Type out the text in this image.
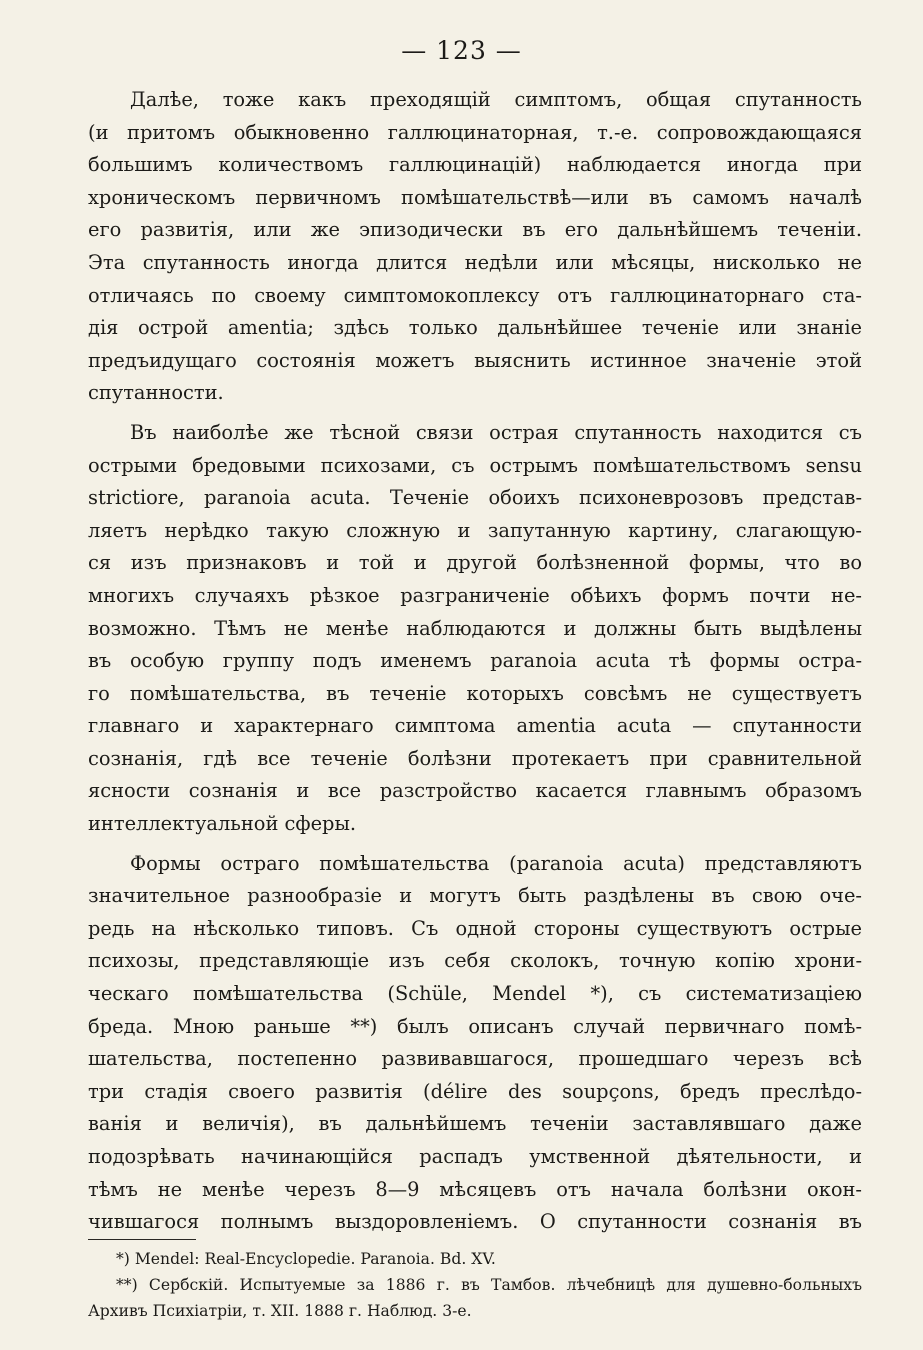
— 123 —
Далѣе, тоже какъ преходящій симптомъ, общая спутанность
(и притомъ обыкновенно галлюцинаторная, т.-е. сопровождающаяся
большимъ количествомъ галлюцинацій) наблюдается иногда при
хроническомъ первичномъ помѣшательствѣ—или въ самомъ началѣ
его развитія, или же эпизодически въ его дальнѣйшемъ теченіи.
Эта спутанность иногда длится недѣли или мѣсяцы, нисколько не
отличаясь по своему симптомокоплексу отъ галлюцинаторнаго ста-
дія острой amentia; здѣсь только дальнѣйшее теченіе или знаніе
предъидущаго состоянія можетъ выяснить истинное значеніе этой
спутанности.
Въ наиболѣе же тѣсной связи острая спутанность находится съ
острыми бредовыми психозами, съ острымъ помѣшательствомъ sensu
strictiore, paranoia acuta. Теченіе обоихъ психоневрозовъ представ-
ляетъ нерѣдко такую сложную и запутанную картину, слагающую-
ся изъ признаковъ и той и другой болѣзненной формы, что во
многихъ случаяхъ рѣзкое разграниченіе обѣихъ формъ почти не-
возможно. Тѣмъ не менѣе наблюдаются и должны быть выдѣлены
въ особую группу подъ именемъ paranoia acuta тѣ формы остра-
го помѣшательства, въ теченіе которыхъ совсѣмъ не существуетъ
главнаго и характернаго симптома amentia acuta — спутанности
сознанія, гдѣ все теченіе болѣзни протекаетъ при сравнительной
ясности сознанія и все разстройство касается главнымъ образомъ
интеллектуальной сферы.
Формы остраго помѣшательства (paranoia acuta) представляютъ
значительное разнообразіе и могутъ быть раздѣлены въ свою оче-
редь на нѣсколько типовъ. Съ одной стороны существуютъ острые
психозы, представляющіе изъ себя сколокъ, точную копію хрони-
ческаго помѣшательства (Schüle, Mendel *), съ систематизаціею
бреда. Мною раньше **) былъ описанъ случай первичнаго помѣ-
шательства, постепенно развивавшагося, прошедшаго черезъ всѣ
три стадія своего развитія (délire des soupçons, бредъ преслѣдо-
ванія и величія), въ дальнѣйшемъ теченіи заставлявшаго даже
подозрѣвать начинающійся распадъ умственной дѣятельности, и
тѣмъ не менѣе черезъ 8—9 мѣсяцевъ отъ начала болѣзни окон-
чившагося полнымъ выздоровленіемъ. О спутанности сознанія въ
*) Mendel: Real-Encyclopedie. Paranoia. Bd. XV.
**) Сербскій. Испытуемые за 1886 г. въ Тамбов. лѣчебницѣ для душевно-больныхъ
Архивъ Психіатріи, т. XII. 1888 г. Наблюд. 3-е.
